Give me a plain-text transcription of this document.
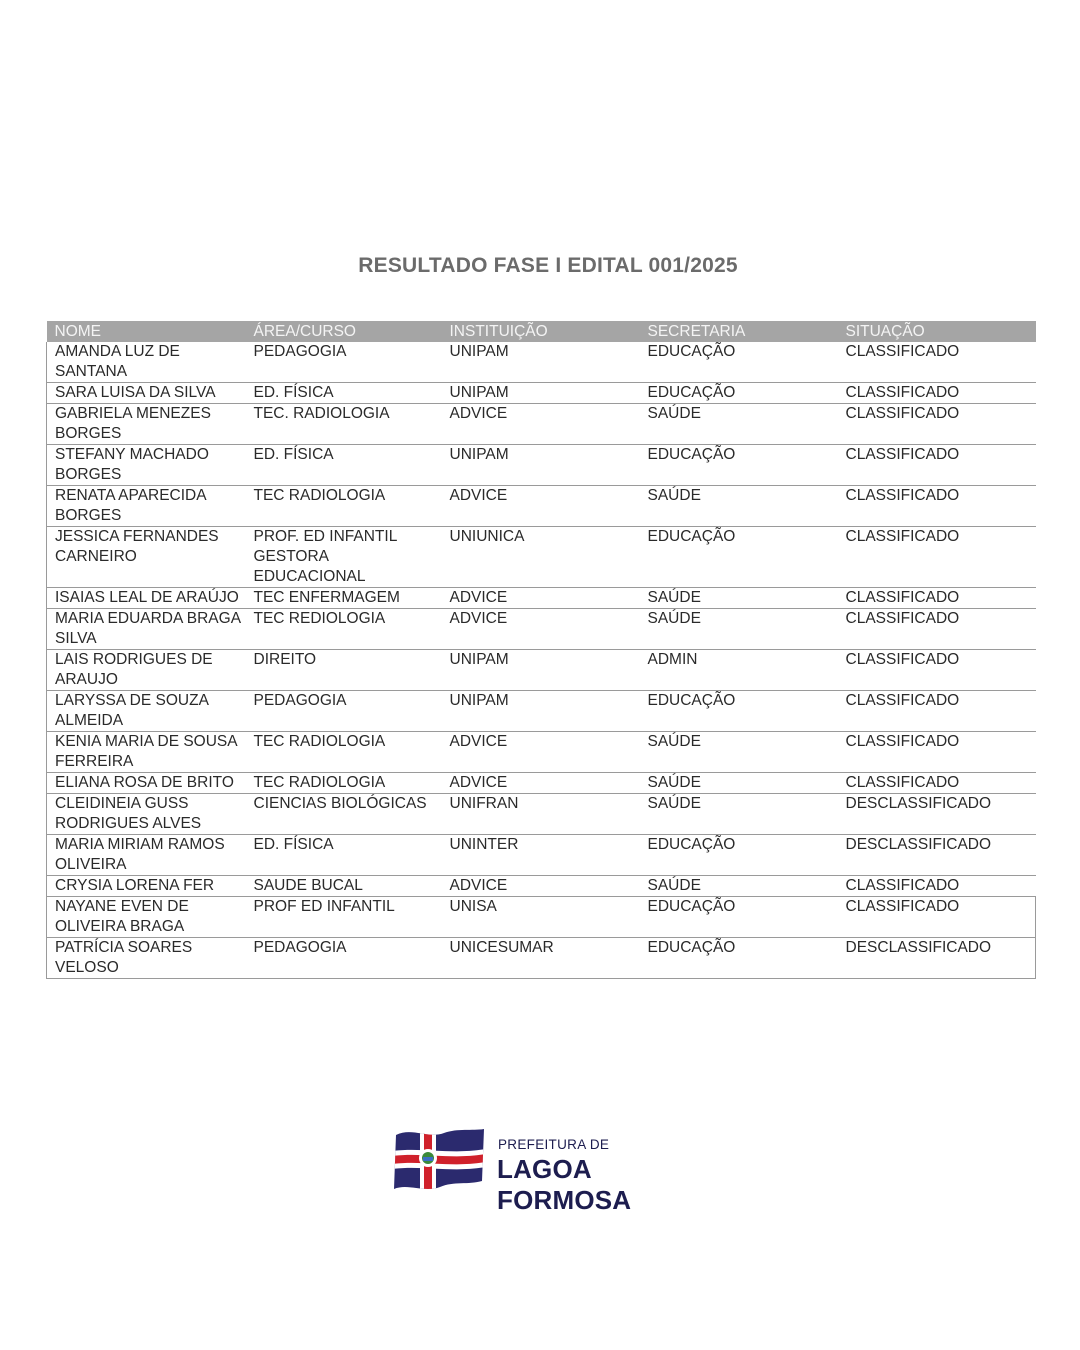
RESULTADO FASE I EDITAL 001/2025
NOME	ÁREA/CURSO	INSTITUIÇÃO	SECRETARIA	SITUAÇÃO
AMANDA LUZ DE SANTANA	PEDAGOGIA	UNIPAM	EDUCAÇÃO	CLASSIFICADO
SARA LUISA DA SILVA	ED. FÍSICA	UNIPAM	EDUCAÇÃO	CLASSIFICADO
GABRIELA MENEZES BORGES	TEC. RADIOLOGIA	ADVICE	SAÚDE	CLASSIFICADO
STEFANY MACHADO BORGES	ED. FÍSICA	UNIPAM	EDUCAÇÃO	CLASSIFICADO
RENATA APARECIDA BORGES	TEC RADIOLOGIA	ADVICE	SAÚDE	CLASSIFICADO
JESSICA FERNANDES CARNEIRO	PROF. ED INFANTIL GESTORA EDUCACIONAL	UNIUNICA	EDUCAÇÃO	CLASSIFICADO
ISAIAS LEAL DE ARAÚJO	TEC ENFERMAGEM	ADVICE	SAÚDE	CLASSIFICADO
MARIA EDUARDA BRAGA SILVA	TEC REDIOLOGIA	ADVICE	SAÚDE	CLASSIFICADO
LAIS RODRIGUES DE ARAUJO	DIREITO	UNIPAM	ADMIN	CLASSIFICADO
LARYSSA DE SOUZA ALMEIDA	PEDAGOGIA	UNIPAM	EDUCAÇÃO	CLASSIFICADO
KENIA MARIA DE SOUSA FERREIRA	TEC RADIOLOGIA	ADVICE	SAÚDE	CLASSIFICADO
ELIANA ROSA DE BRITO	TEC RADIOLOGIA	ADVICE	SAÚDE	CLASSIFICADO
CLEIDINEIA GUSS RODRIGUES ALVES	CIENCIAS BIOLÓGICAS	UNIFRAN	SAÚDE	DESCLASSIFICADO
MARIA MIRIAM RAMOS OLIVEIRA	ED. FÍSICA	UNINTER	EDUCAÇÃO	DESCLASSIFICADO
CRYSIA LORENA FER	SAUDE BUCAL	ADVICE	SAÚDE	CLASSIFICADO
NAYANE EVEN DE OLIVEIRA BRAGA	PROF ED INFANTIL	UNISA	EDUCAÇÃO	CLASSIFICADO
PATRÍCIA SOARES VELOSO	PEDAGOGIA	UNICESUMAR	EDUCAÇÃO	DESCLASSIFICADO
PREFEITURA DE
LAGOA FORMOSA
